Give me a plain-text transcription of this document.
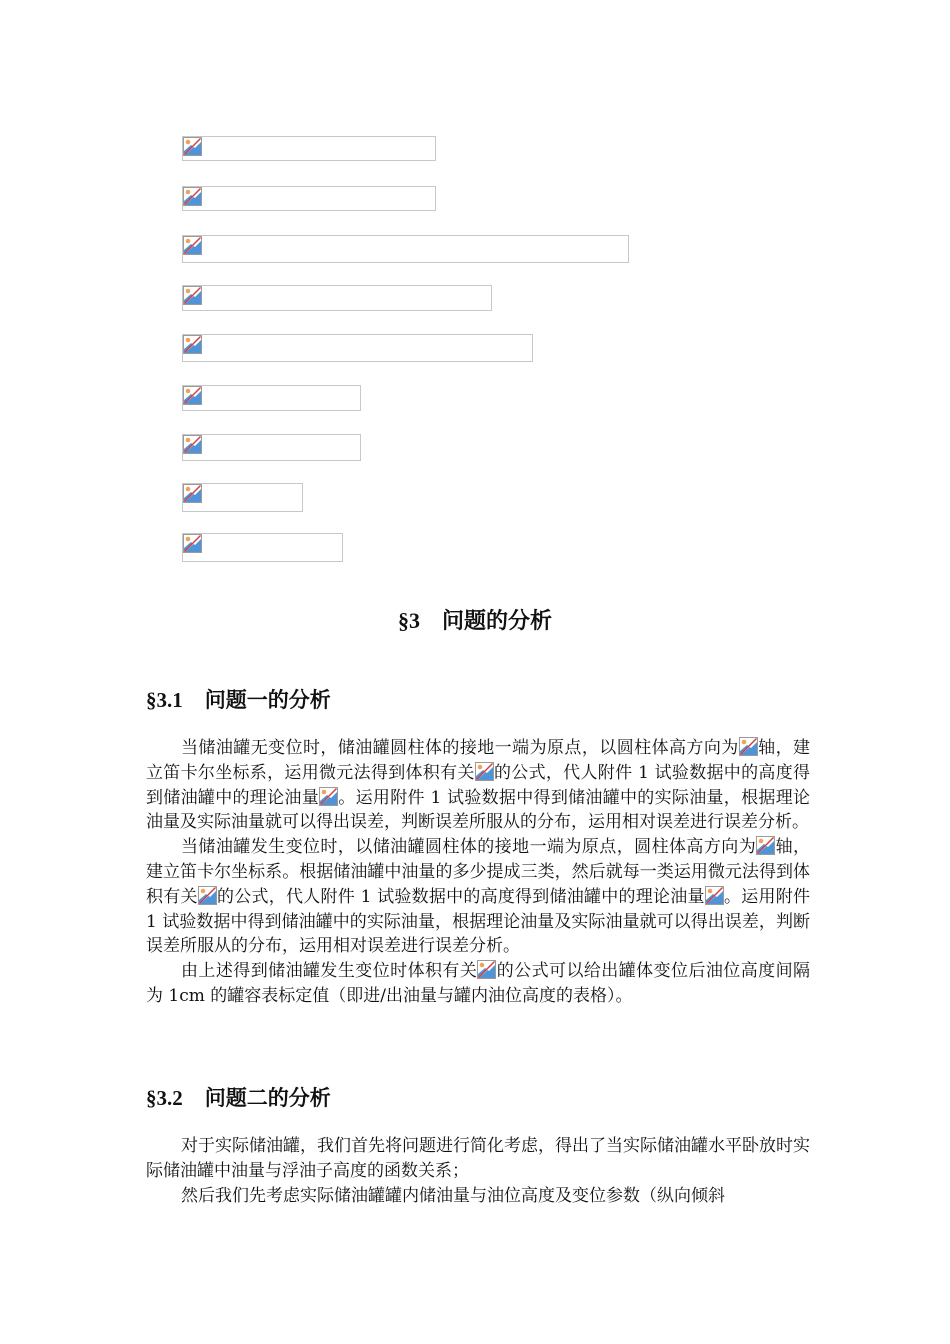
§3 问题的分析
§3.1 问题一的分析

当储油罐无变位时，储油罐圆柱体的接地一端为原点，以圆柱体高方向为 轴，建立笛卡尔坐标系，运用微元法得到体积有关 的公式，代人附件 1 试验数据中的高度得到储油罐中的理论油量 。运用附件 1 试验数据中得到储油罐中的实际油量，根据理论油量及实际油量就可以得出误差，判断误差所服从的分布，运用相对误差进行误差分析。

当储油罐发生变位时，以储油罐圆柱体的接地一端为原点，圆柱体高方向为 轴，建立笛卡尔坐标系。根据储油罐中油量的多少提成三类，然后就每一类运用微元法得到体积有关 的公式，代人附件 1 试验数据中的高度得到储油罐中的理论油量 。运用附件 1 试验数据中得到储油罐中的实际油量，根据理论油量及实际油量就可以得出误差，判断误差所服从的分布，运用相对误差进行误差分析。

由上述得到储油罐发生变位时体积有关 的公式可以给出罐体变位后油位高度间隔为 1cm 的罐容表标定值（即进/出油量与罐内油位高度的表格）。

§3.2 问题二的分析

对于实际储油罐，我们首先将问题进行简化考虑，得出了当实际储油罐水平卧放时实际储油罐中油量与浮油子高度的函数关系；

然后我们先考虑实际储油罐罐内储油量与油位高度及变位参数（纵向倾斜
